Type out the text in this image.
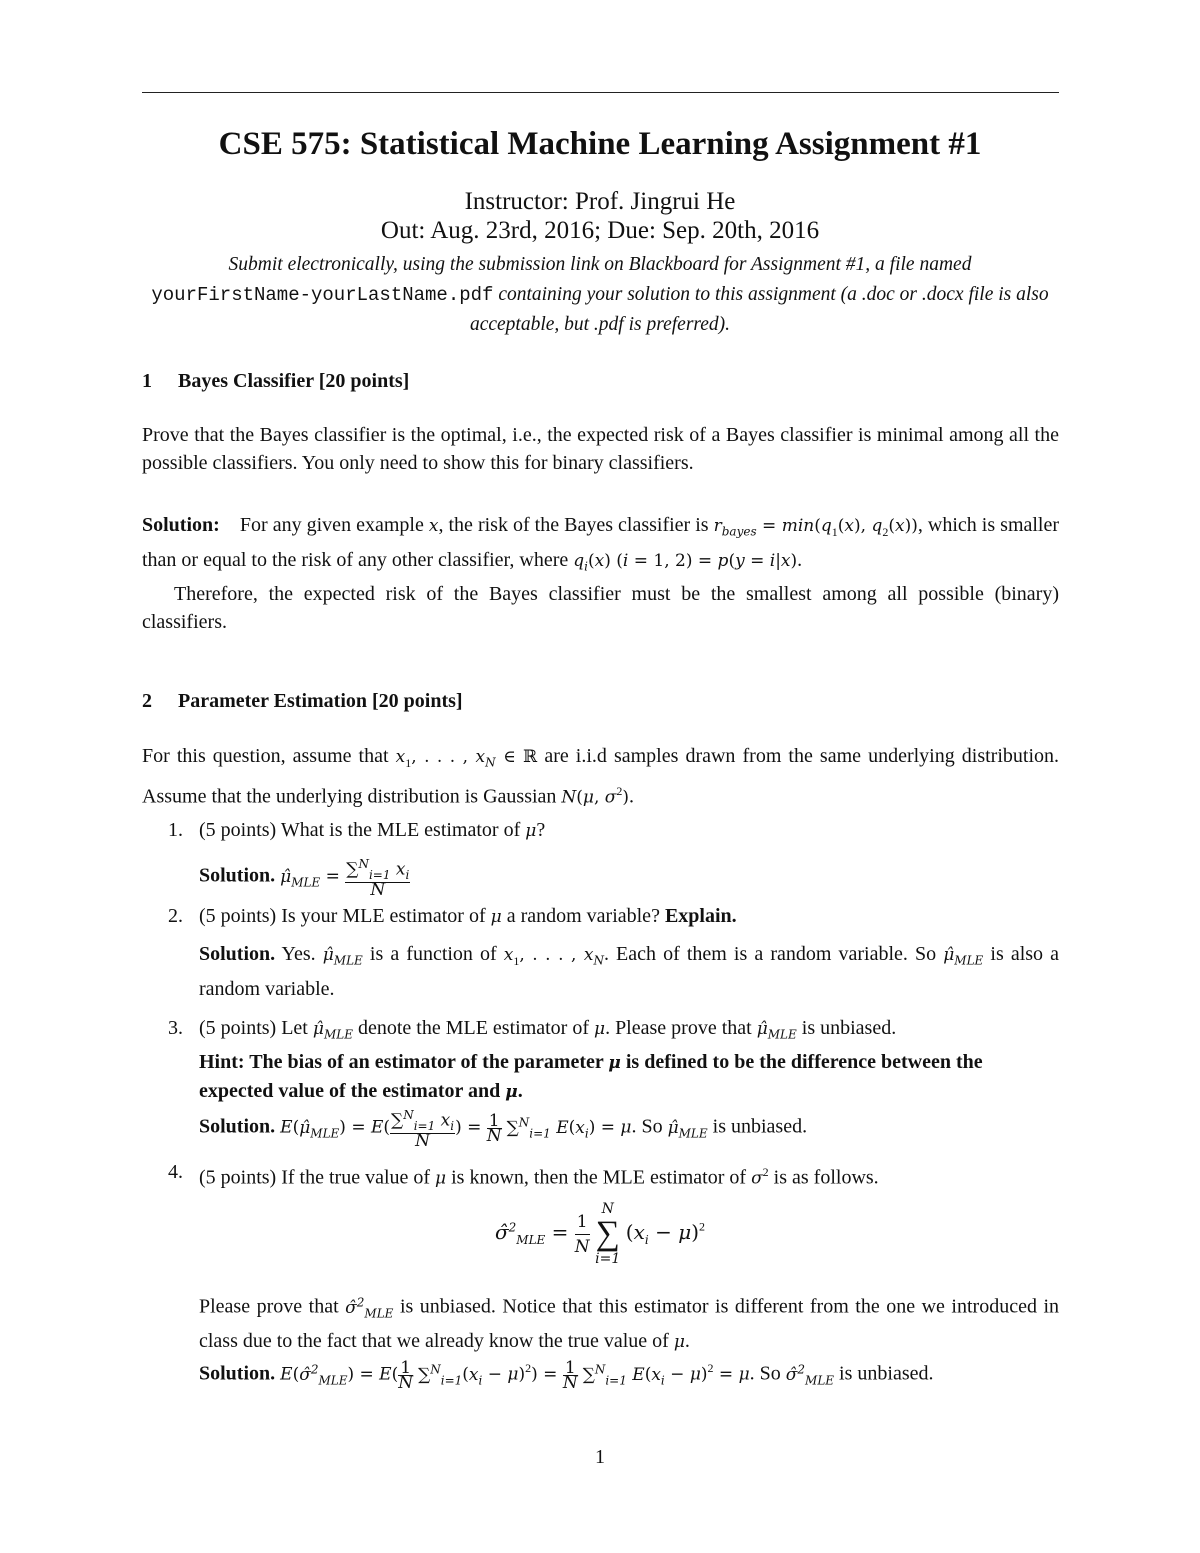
CSE 575: Statistical Machine Learning Assignment #1
Instructor: Prof. Jingrui He
Out: Aug. 23rd, 2016; Due: Sep. 20th, 2016
Submit electronically, using the submission link on Blackboard for Assignment #1, a file named
yourFirstName-yourLastName.pdf containing your solution to this assignment (a .doc or .docx file is also acceptable, but .pdf is preferred).
1 Bayes Classifier [20 points]
Prove that the Bayes classifier is the optimal, i.e., the expected risk of a Bayes classifier is minimal among all the possible classifiers. You only need to show this for binary classifiers.
Solution: For any given example x, the risk of the Bayes classifier is $r_{bayes} = \min(q_1(x)$, $q_2(x)$), which is smaller than or equal to the risk of any other classifier, where $q_i(x) (i = 1$, 2) = p(y = i|x).
Therefore, the expected risk of the Bayes classifier must be the smallest among all possible (binary) classifiers.
2 Parameter Estimation [20 points]
For this question, assume that $x_1$, . . . , $x_N$ ∈ ℝ are i.i.d samples drawn from the same underlying distribution. Assume that the underlying distribution is Gaussian N(μ, $\sigma^2$).
1. (5 points) What is the MLE estimator of μ?
Solution. $\mû_{MLE} = \frac{\sum^N_{i=1} x_i}{N}$
2. (5 points) Is your MLE estimator of μ a random variable? Explain.
Solution. Yes. $\mû_{MLE}$ is a function of $x_1$, . . . , $x_N$. Each of them is a random variable. So $\mû_{MLE}$ is also a random variable.
3. (5 points) Let $\mû_{MLE}$ denote the MLE estimator of μ. Please prove that $\mû_{MLE}$ is unbiased.
Hint: The bias of an estimator of the parameter μ is defined to be the difference between the expected value of the estimator and μ.
Solution. $E(\mû_{MLE}) = E( \frac{\sum^N_{i=1} x_i}{N}$ ) = $\frac{1}{N} \sum^N_{i=1}$ $E(x_i) = \mu$. So $\mû_{MLE}$ is unbiased.
4. (5 points) If the true value of μ is known, then the MLE estimator of $\sigma^2$ is as follows.
σ̂$^2_{MLE}$ = $\frac{1}{N}$

N
∑
i=1
$(x_i - \mu)^2$
Please prove that σ̂$^2_{MLE}$ is unbiased. Notice that this estimator is different from the one we introduced in class due to the fact that we already know the true value of μ.
Solution. E(σ̂$^2_{MLE}$) = $E( \frac{1}{N} \sum^N_{i=1}(x_i - \mu)^2) = \frac{1}{N} \sum^N_{i=1}$ $E(x_i - \mu)^2 = \mu$. So σ̂$^2_{MLE}$ is unbiased.
1
